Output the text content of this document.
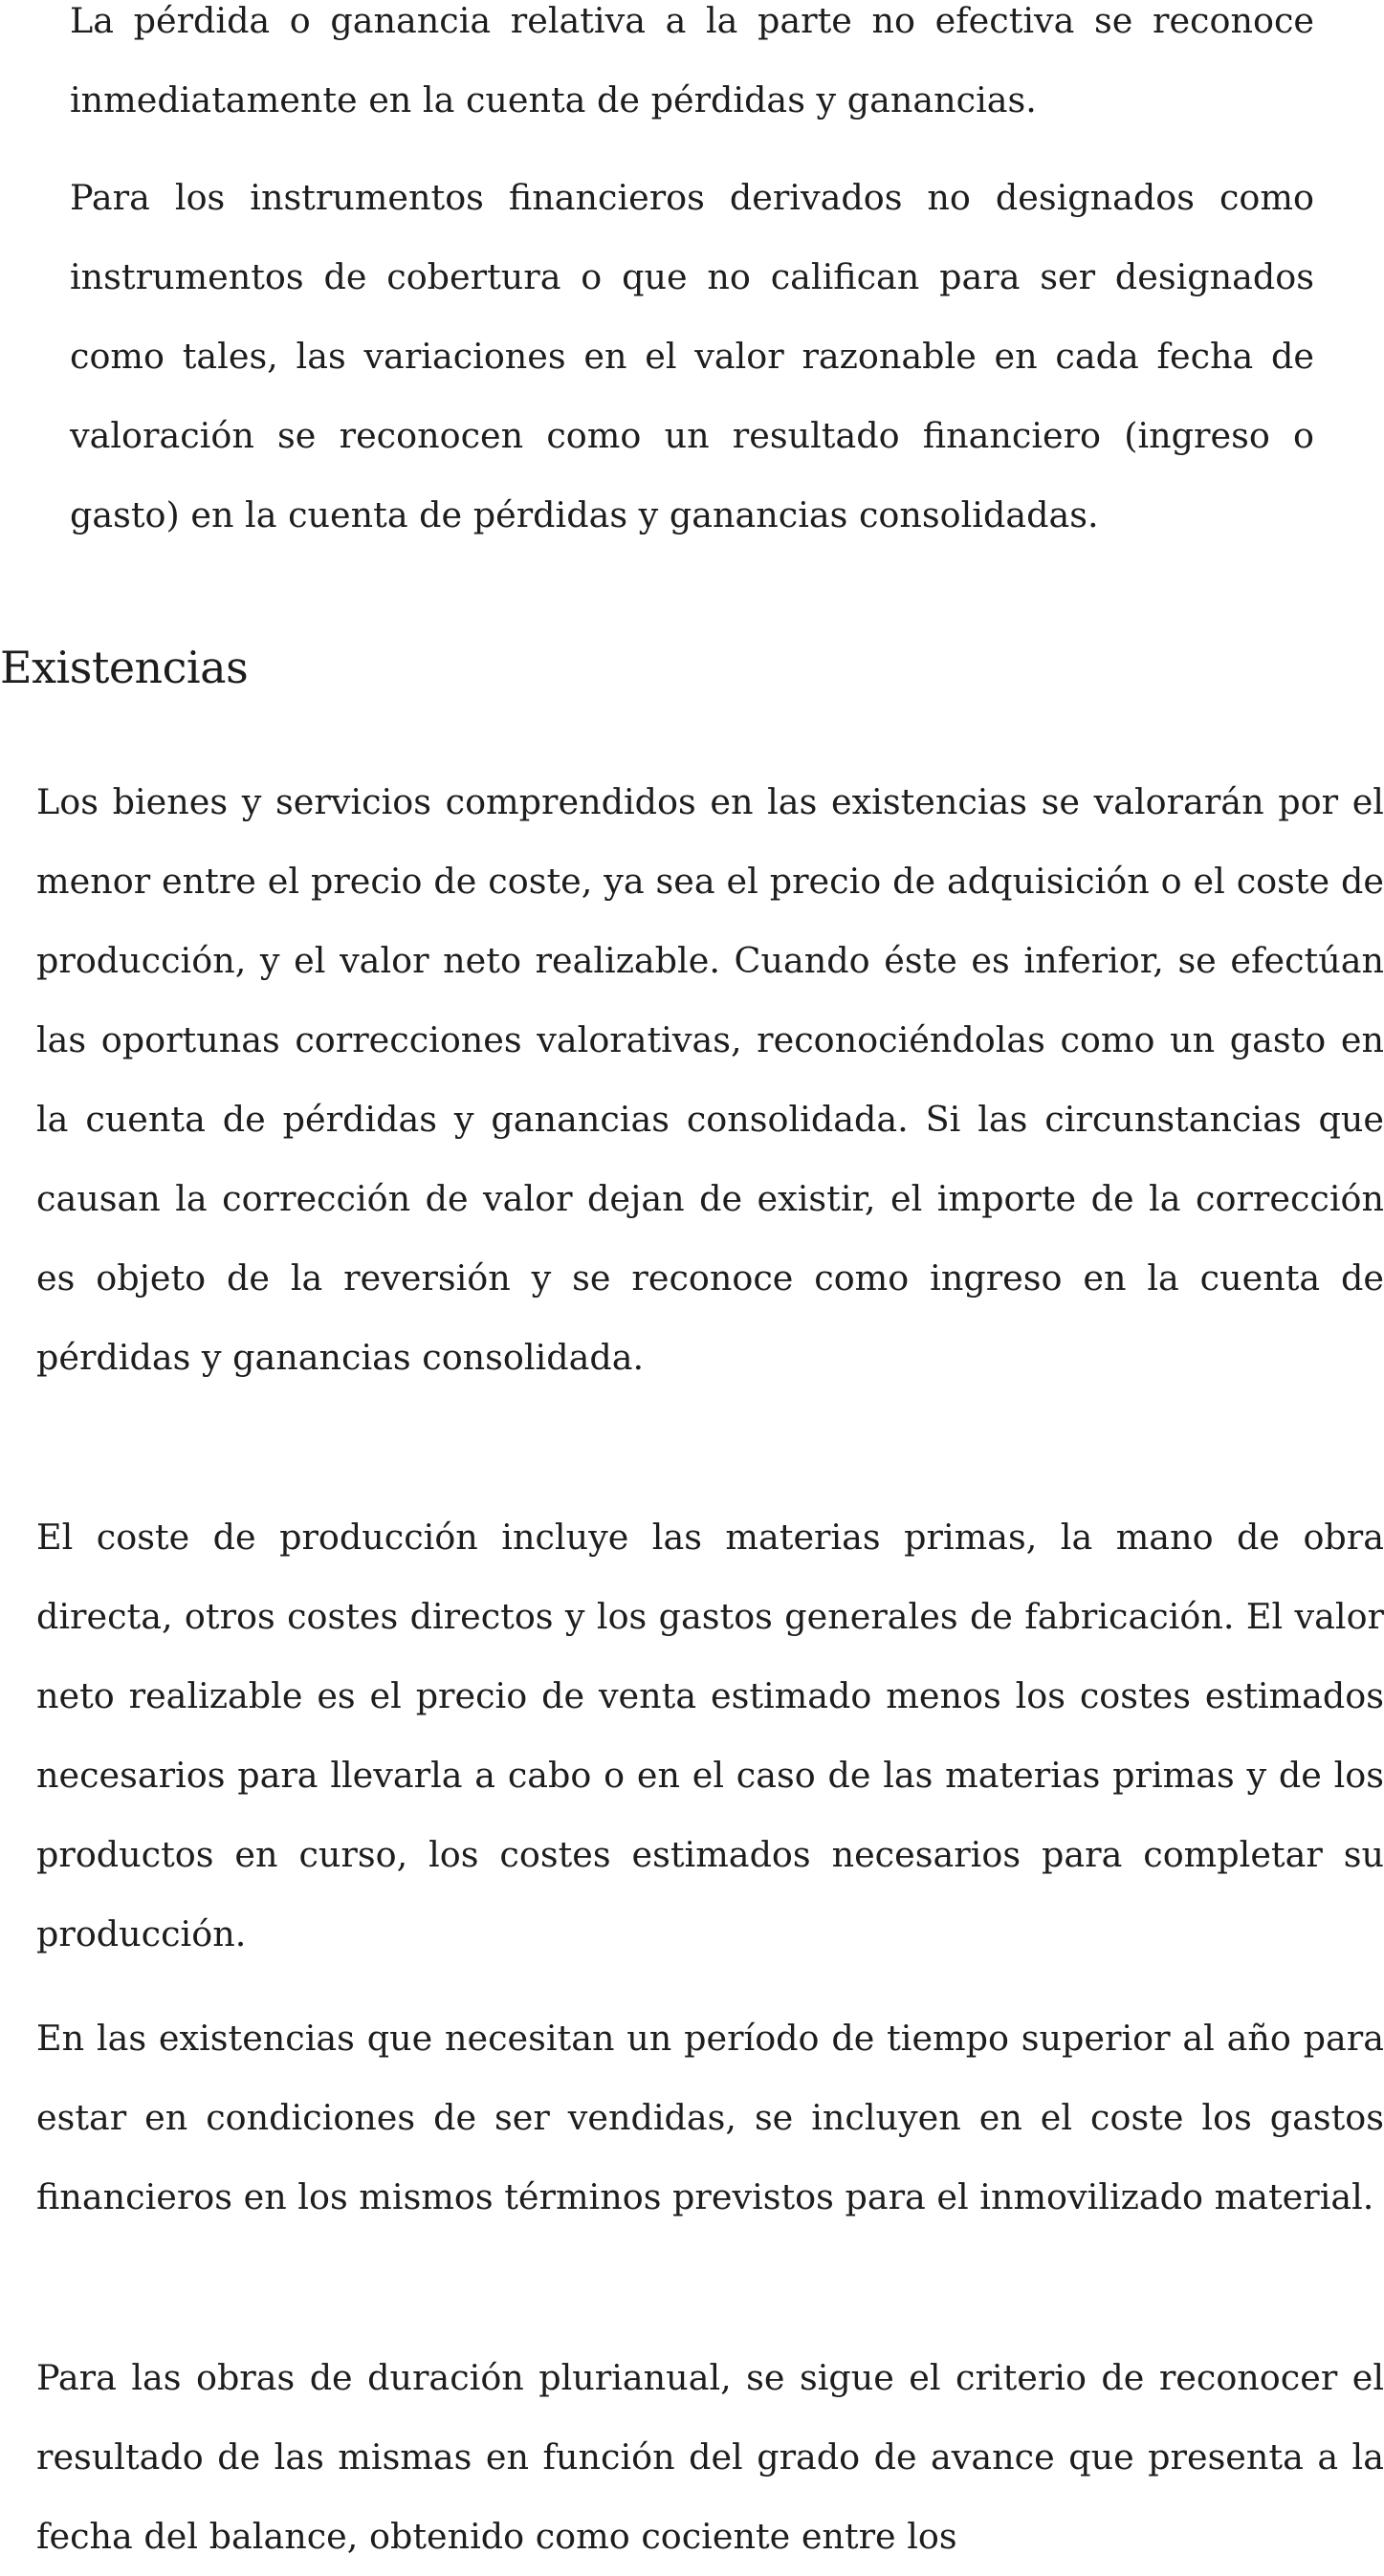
La pérdida o ganancia relativa a la parte no efectiva se reconoce inmediatamente en la cuenta de pérdidas y ganancias.

Para los instrumentos financieros derivados no designados como instrumentos de cobertura o que no califican para ser designados como tales, las variaciones en el valor razonable en cada fecha de valoración se reconocen como un resultado financiero (ingreso o gasto) en la cuenta de pérdidas y ganancias consolidadas.

Existencias

Los bienes y servicios comprendidos en las existencias se valorarán por el menor entre el precio de coste, ya sea el precio de adquisición o el coste de producción, y el valor neto realizable. Cuando éste es inferior, se efectúan las oportunas correcciones valorativas, reconociéndolas como un gasto en la cuenta de pérdidas y ganancias consolidada. Si las circunstancias que causan la corrección de valor dejan de existir, el importe de la corrección es objeto de la reversión y se reconoce como ingreso en la cuenta de pérdidas y ganancias consolidada.

El coste de producción incluye las materias primas, la mano de obra directa, otros costes directos y los gastos generales de fabricación. El valor neto realizable es el precio de venta estimado menos los costes estimados necesarios para llevarla a cabo o en el caso de las materias primas y de los productos en curso, los costes estimados necesarios para completar su producción.

En las existencias que necesitan un período de tiempo superior al año para estar en condiciones de ser vendidas, se incluyen en el coste los gastos financieros en los mismos términos previstos para el inmovilizado material.

Para las obras de duración plurianual, se sigue el criterio de reconocer el resultado de las mismas en función del grado de avance que presenta a la fecha del balance, obtenido como cociente entre los
